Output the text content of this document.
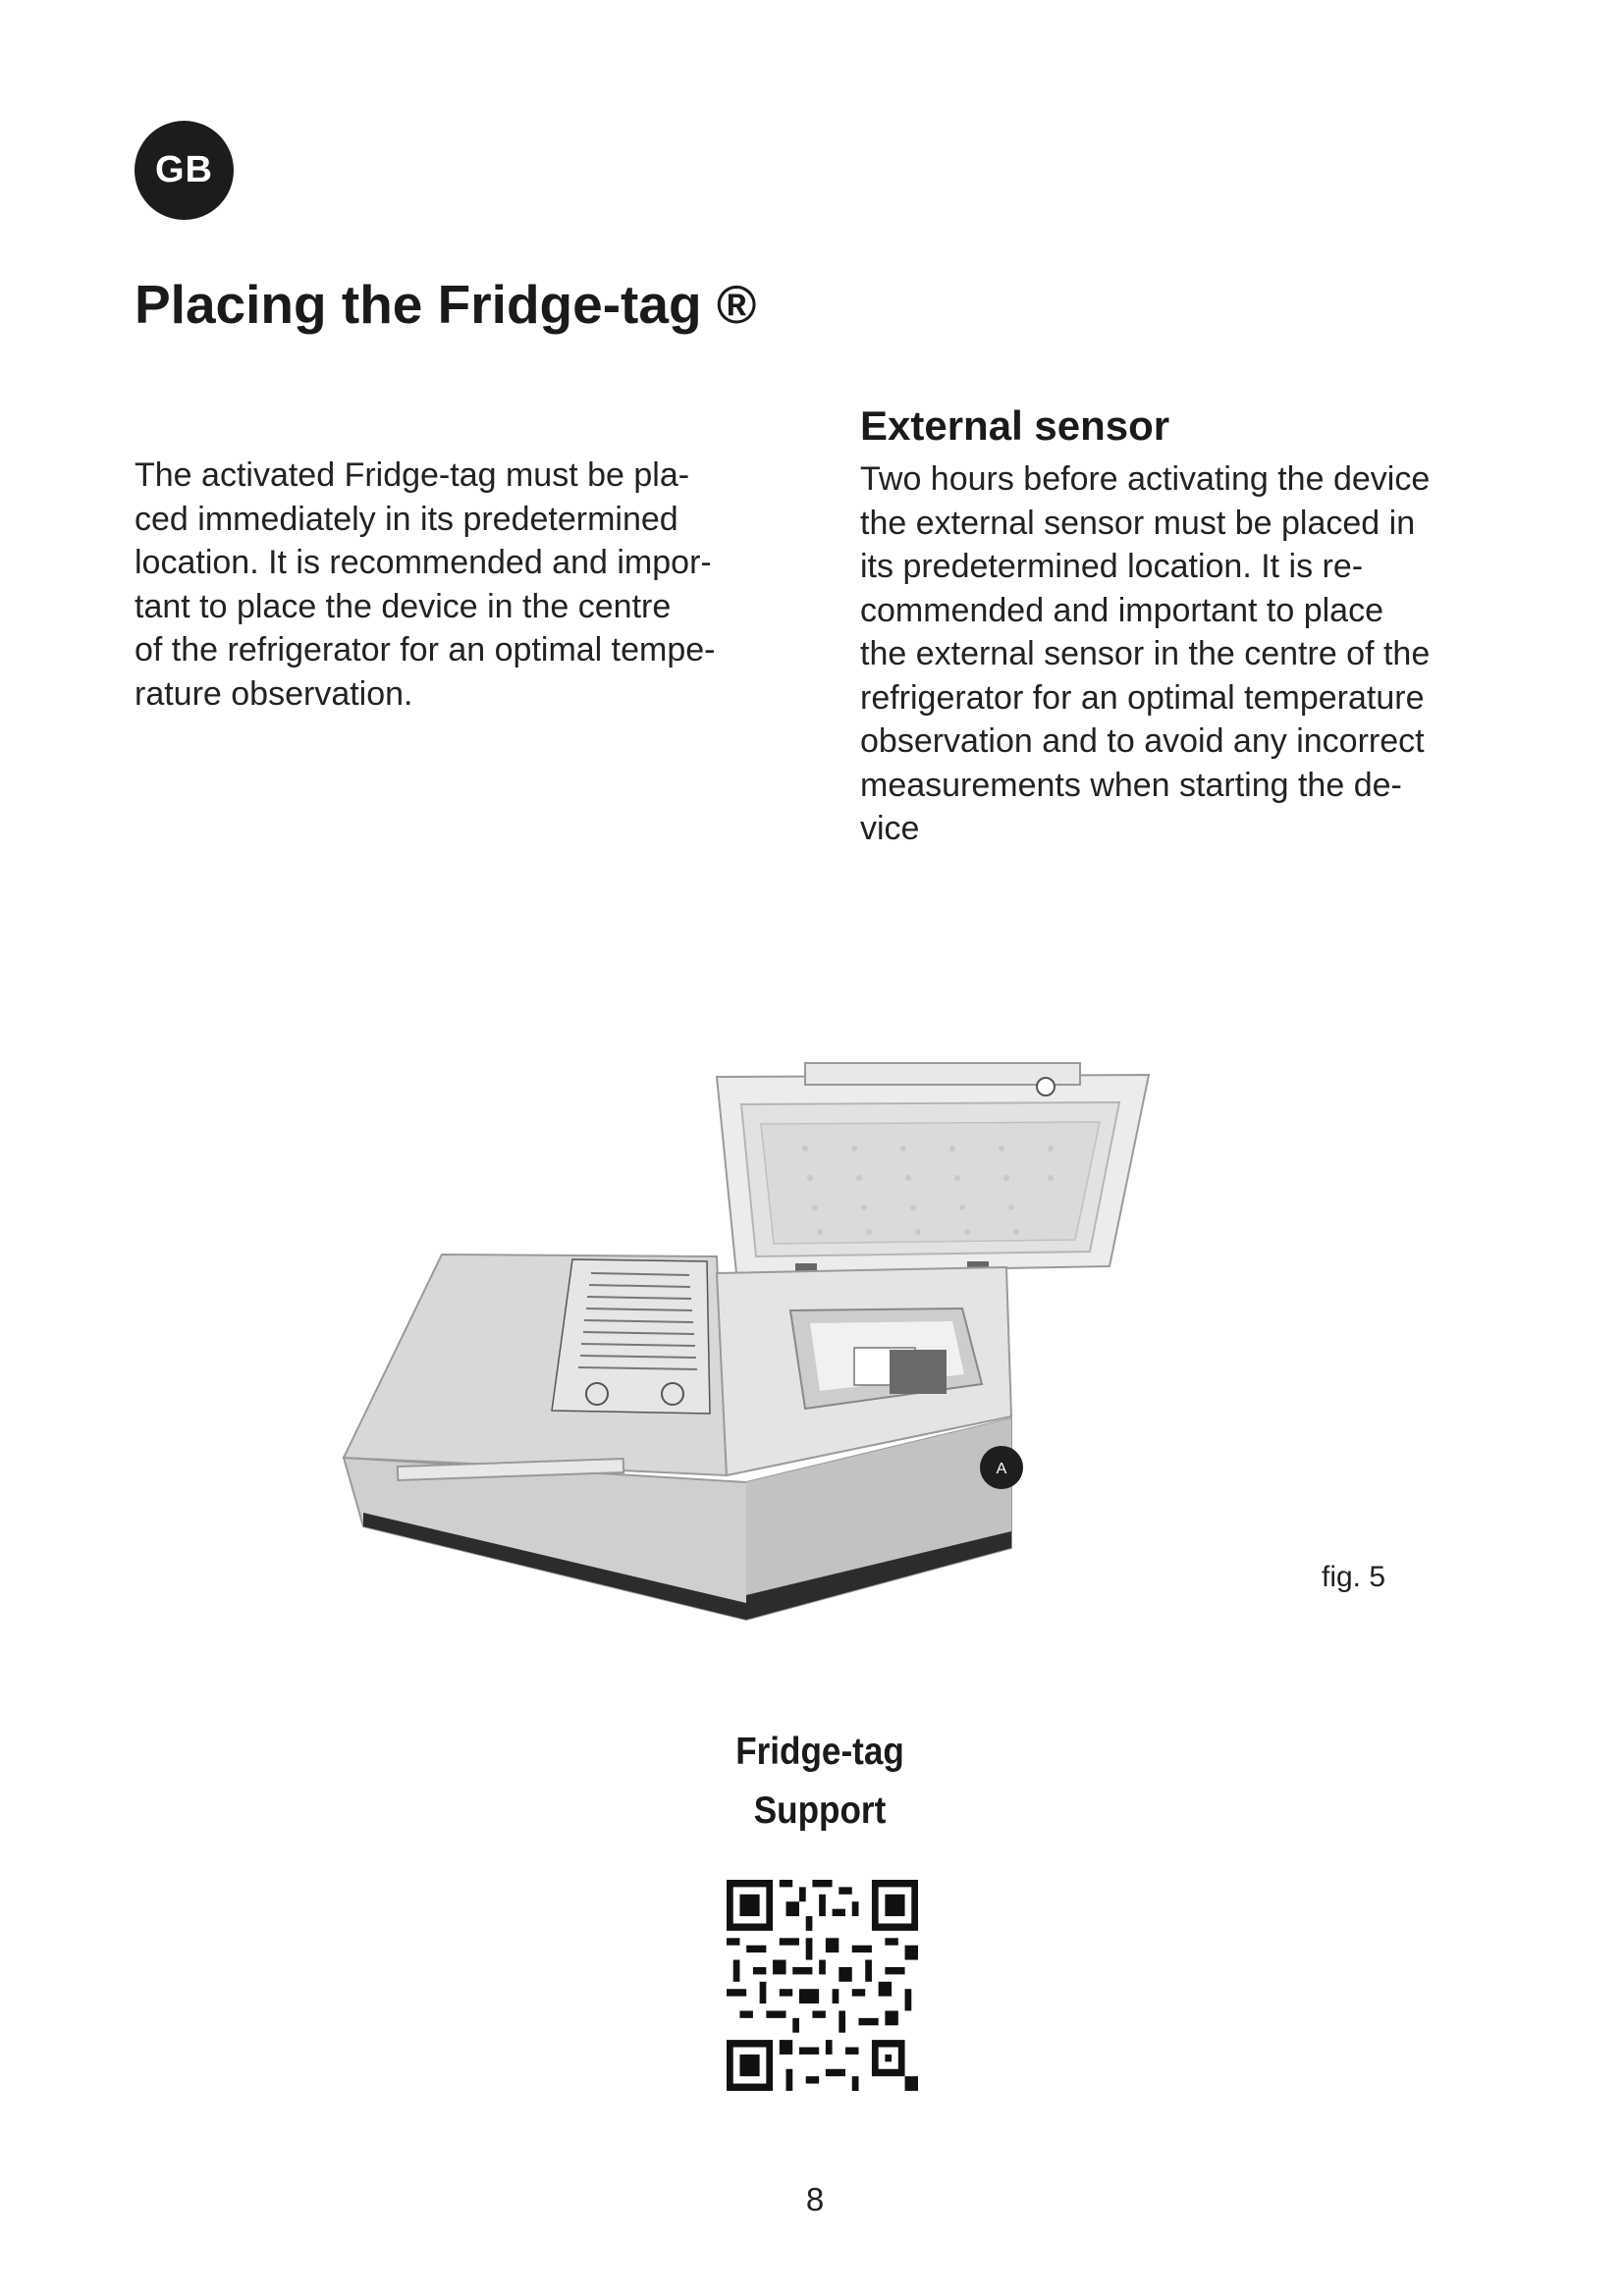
GB
Placing the Fridge-tag ®
The activated Fridge-tag must be pla-
ced immediately in its predetermined
location. It is recommended and impor-
tant to place the device in the centre
of the refrigerator for an optimal tempe-
rature observation.
External sensor
Two hours before activating the device
the external sensor must be placed in
its predetermined location. It is re-
commended and important to place
the external sensor in the centre of the
refrigerator for an optimal temperature
observation and to avoid any incorrect
measurements when starting the de-
vice
A
fig. 5
Fridge-tag
Support
8
